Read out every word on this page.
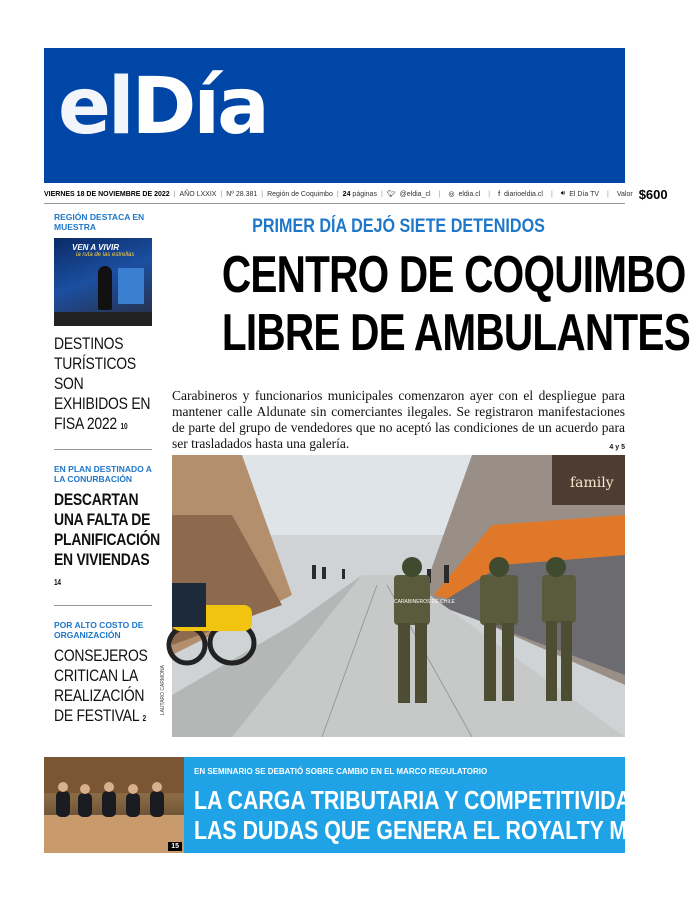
elDía
VIERNES 18 DE NOVIEMBRE DE 2022 | AÑO LXXIX | Nº 28.381 | Región de Coquimbo | 24
páginas | 🐦︎ @eldia_cl | ◎ eldia.cl | f diarioeldia.cl | 🔊︎ El Día TV | Valor $600
REGIÓN DESTACA EN MUESTRA
VEN A VIVIR
la ruta de las estrellas
DESTINOS TURÍSTICOS SON EXHIBIDOS EN FISA 2022 10
EN PLAN DESTINADO A LA CONURBACIÓN
DESCARTAN UNA FALTA DE PLANIFICACIÓN EN VIVIENDAS 14
POR ALTO COSTO DE ORGANIZACIÓN
CONSEJEROS CRITICAN LA REALIZACIÓN DE FESTIVAL 2
LAUTARO CARMONA
PRIMER DÍA DEJÓ SIETE DETENIDOS
CENTRO DE COQUIMBO
LIBRE DE AMBULANTES

Carabineros y funcionarios municipales comenzaron ayer con el despliegue para mantener calle Aldunate sin comerciantes ilegales. Se registraron manifestaciones de parte del grupo de vendedores que no aceptó las condiciones de un acuerdo para ser trasladados hasta una galería.	4 y 5
family
CARABINEROS DE CHILE
15
EN SEMINARIO SE DEBATIÓ SOBRE CAMBIO EN EL MARCO REGULATORIO
LA CARGA TRIBUTARIA Y COMPETITIVIDAD:
LAS DUDAS QUE GENERA EL ROYALTY MINERO
